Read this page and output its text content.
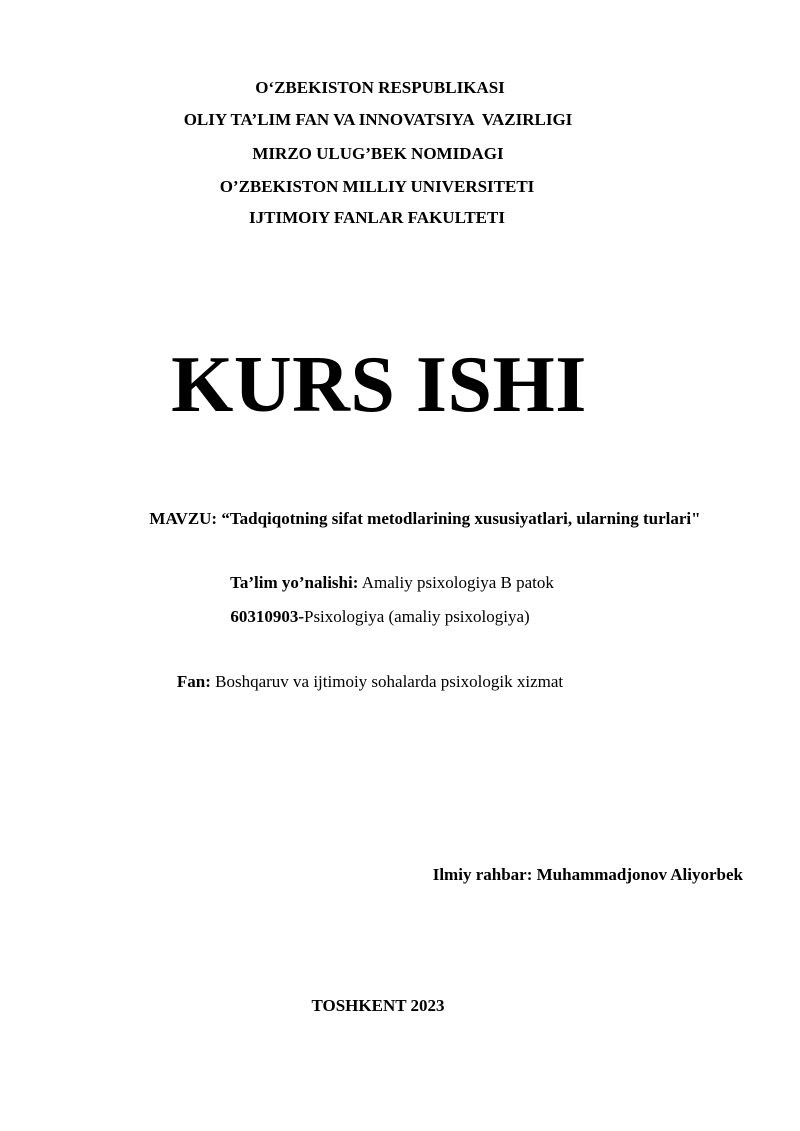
O‘ZBEKISTON RESPUBLIKASI
OLIY TA’LIM FAN VA INNOVATSIYA  VAZIRLIGI
MIRZO ULUG’BEK NOMIDAGI
O’ZBEKISTON MILLIY UNIVERSITETI
IJTIMOIY FANLAR FAKULTETI
KURS ISHI
MAVZU: “Tadqiqotning sifat metodlarining xususiyatlari, ularning turlari"
Ta’lim yo’nalishi: Amaliy psixologiya B patok
60310903-Psixologiya (amaliy psixologiya)
Fan: Boshqaruv va ijtimoiy sohalarda psixologik xizmat
Ilmiy rahbar: Muhammadjonov Aliyorbek
TOSHKENT 2023
